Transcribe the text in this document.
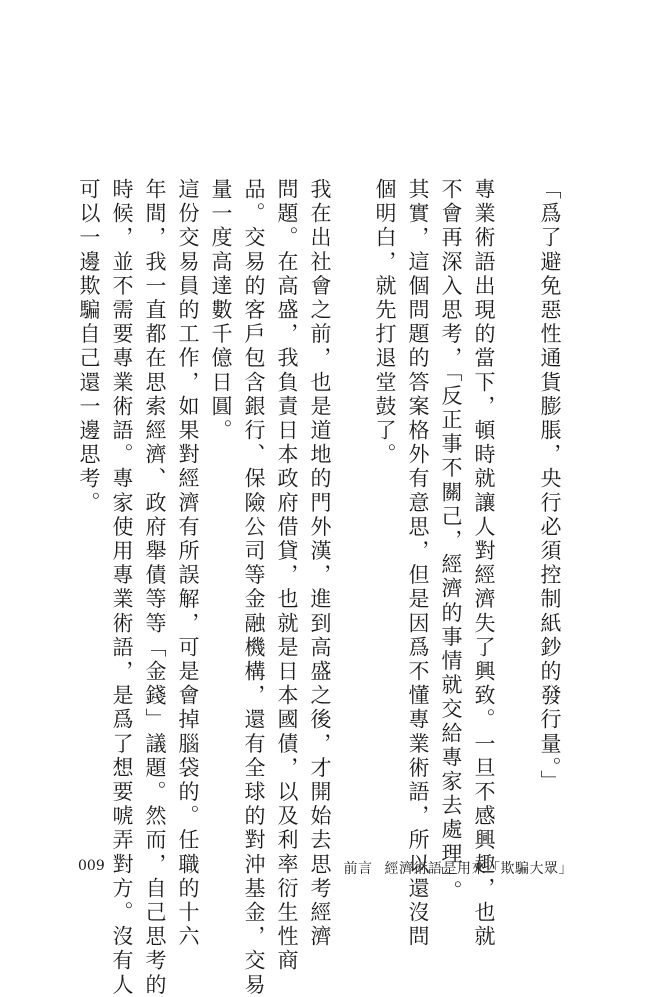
「爲了避免惡性通貨膨脹，央行必須控制紙鈔的發行量。」
專業術語出現的當下，頓時就讓人對經濟失了興致。一旦不感興趣，也就
不會再深入思考，「反正事不關己，經濟的事情就交給專家去處理」。
其實，這個問題的答案格外有意思，但是因爲不懂專業術語，所以還沒問
個明白，就先打退堂鼓了。
我在出社會之前，也是道地的門外漢，進到高盛之後，才開始去思考經濟
問題。在高盛，我負責日本政府借貸，也就是日本國債，以及利率衍生性商
品。交易的客戶包含銀行、保險公司等金融機構，還有全球的對沖基金，交易
量一度高達數千億日圓。
這份交易員的工作，如果對經濟有所誤解，可是會掉腦袋的。任職的十六
年間，我一直都在思索經濟、政府舉債等等「金錢」議題。然而，自己思考的
時候，並不需要專業術語。專家使用專業術語，是爲了想要唬弄對方。沒有人
可以一邊欺騙自己還一邊思考。
009	前言 經濟術語是用來「欺騙大眾」
